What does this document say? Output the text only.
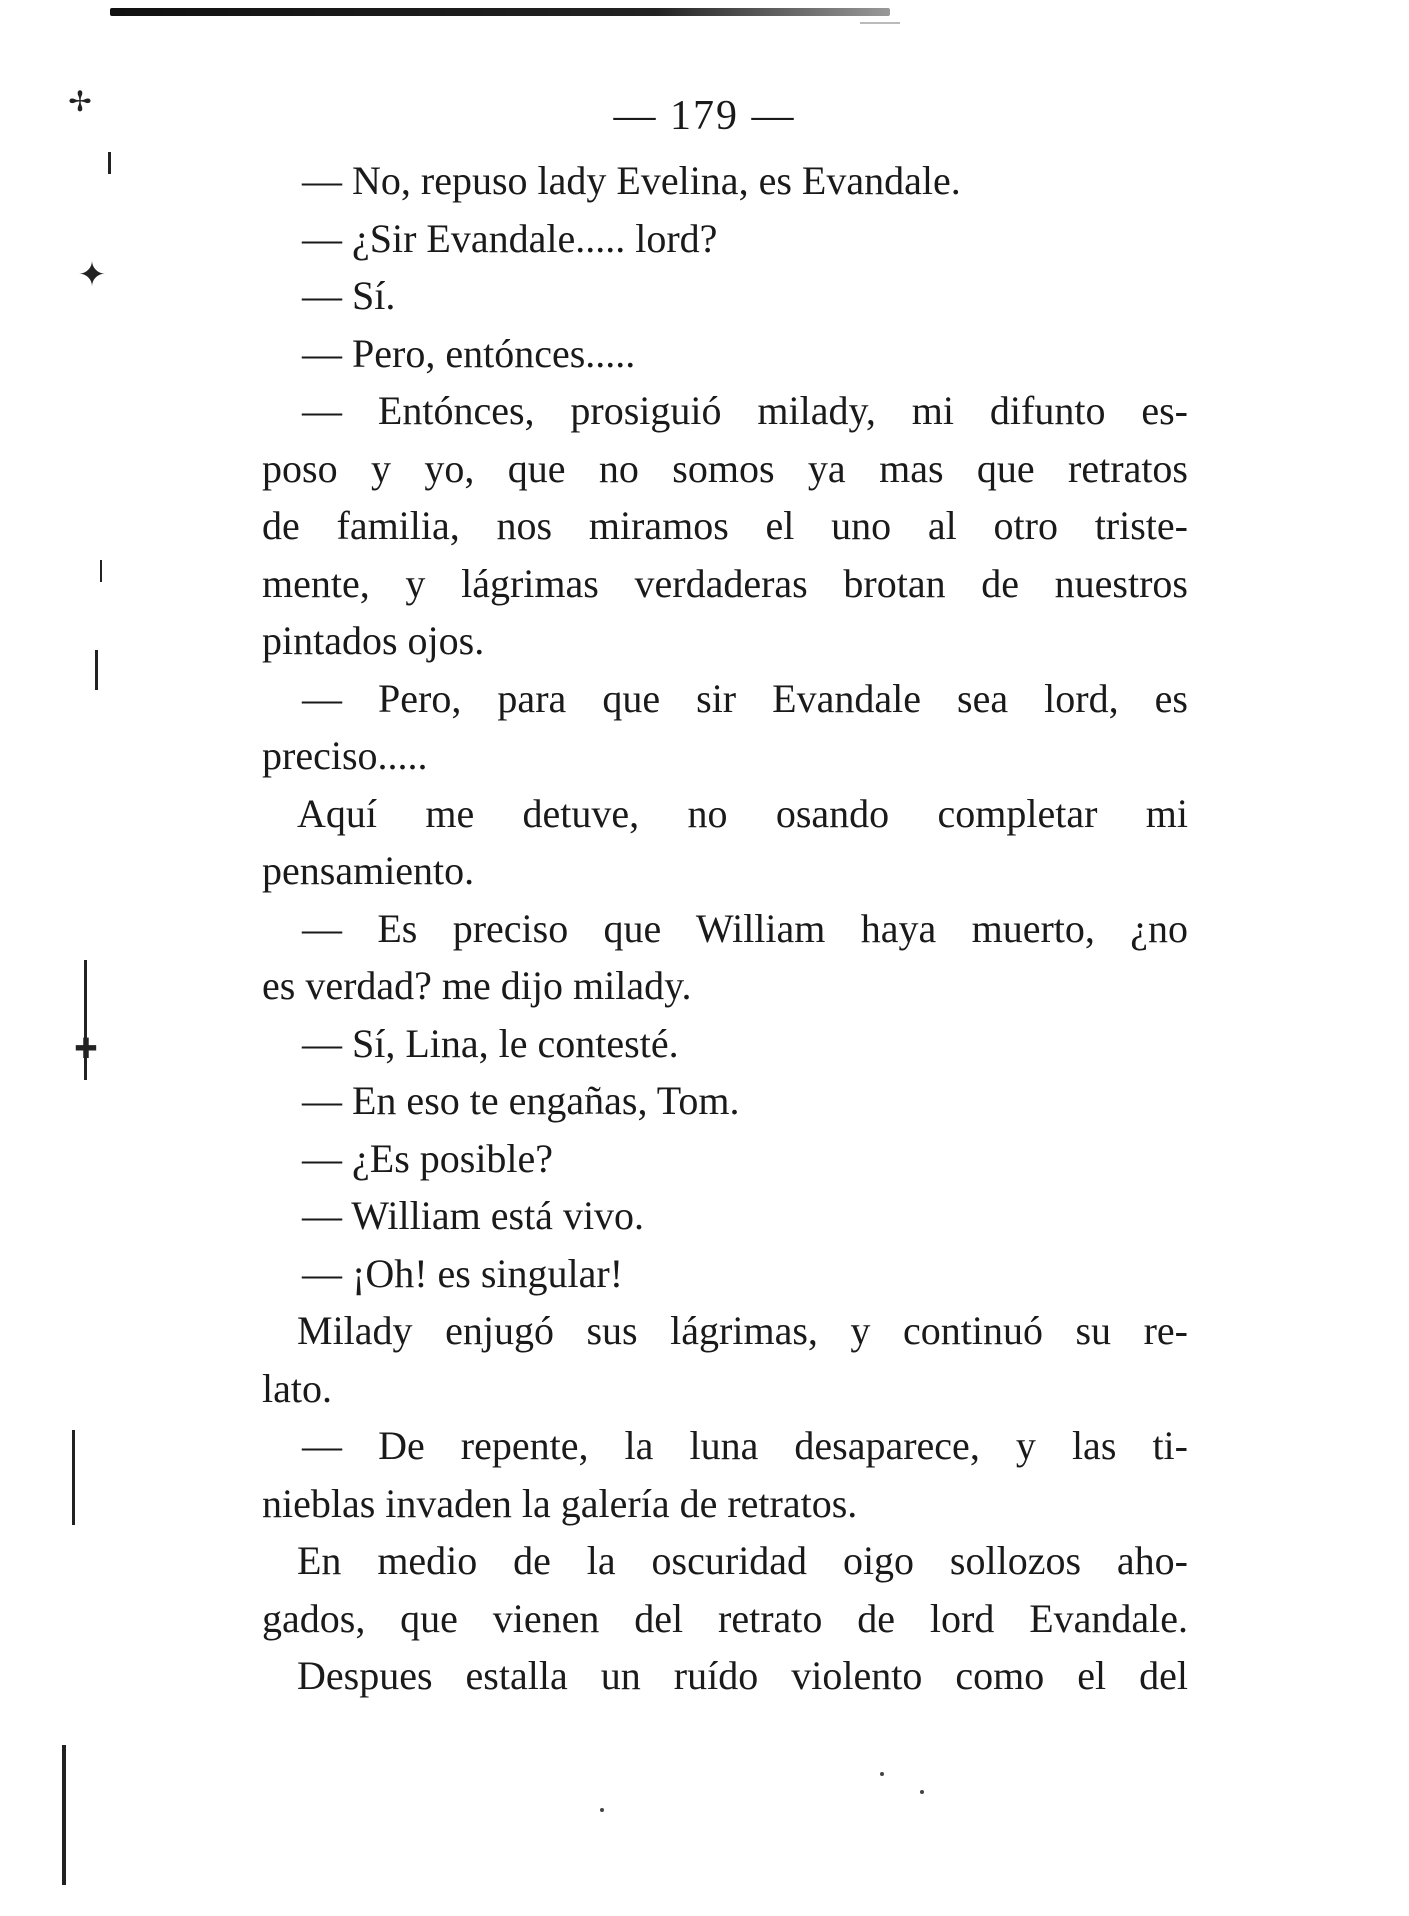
✢
✦
✚
— 179 —
— No, repuso lady Evelina, es Evandale.
— ¿Sir Evandale..... lord?
— Sí.
— Pero, entónces.....
— Entónces, prosiguió milady, mi difunto es-
poso y yo, que no somos ya mas que retratos
de familia, nos miramos el uno al otro triste-
mente, y lágrimas verdaderas brotan de nuestros
pintados ojos.
— Pero, para que sir Evandale sea lord, es
preciso.....
Aquí me detuve, no osando completar mi
pensamiento.
— Es preciso que William haya muerto, ¿no
es verdad? me dijo milady.
— Sí, Lina, le contesté.
— En eso te engañas, Tom.
— ¿Es posible?
— William está vivo.
— ¡Oh! es singular!
Milady enjugó sus lágrimas, y continuó su re-
lato.
— De repente, la luna desaparece, y las ti-
nieblas invaden la galería de retratos.
En medio de la oscuridad oigo sollozos aho-
gados, que vienen del retrato de lord Evandale.
Despues estalla un ruído violento como el del
